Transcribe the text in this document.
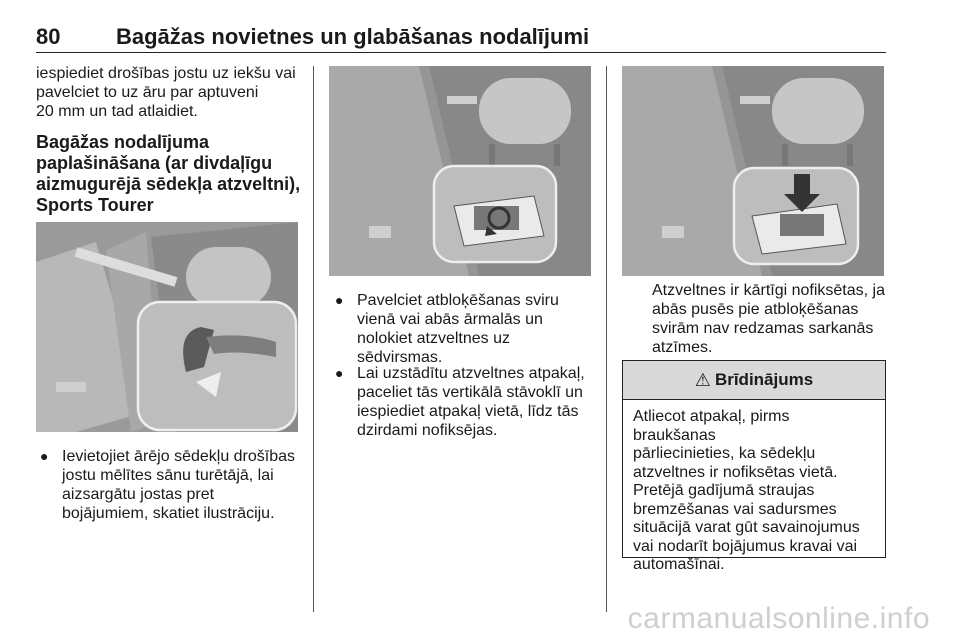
80	Bagāžas novietnes un glabāšanas nodalījumi

iespiediet drošības jostu uz iekšu vai

pavelciet to uz āru par aptuveni

20 mm un tad atlaidiet.

Bagāžas nodalījuma

paplašināšana (ar divdaļīgu

aizmugurējā sēdekļa atzveltni),

Sports Tourer

● Ievietojiet ārējo sēdekļu drošības
jostu mēlītes sānu turētājā, lai
aizsargātu jostas pret
bojājumiem, skatiet ilustrāciju.
● Pavelciet atbloķēšanas sviru
vienā vai abās ārmalās un
nolokiet atzveltnes uz
sēdvirsmas.
● Lai uzstādītu atzveltnes atpakaļ,
paceliet tās vertikālā stāvoklī un
iespiediet atpakaļ vietā, līdz tās
dzirdami nofiksējas.

Atzveltnes ir kārtīgi nofiksētas, ja

abās pusēs pie atbloķēšanas

svirām nav redzamas sarkanās

atzīmes.

⚠ Brīdinājums
Atliecot atpakaļ, pirms braukšanas
pārliecinieties, ka sēdekļu
atzveltnes ir nofiksētas vietā.
Pretējā gadījumā straujas
bremzēšanas vai sadursmes
situācijā varat gūt savainojumus
vai nodarīt bojājumus kravai vai
automašīnai.
carmanualsonline.info
